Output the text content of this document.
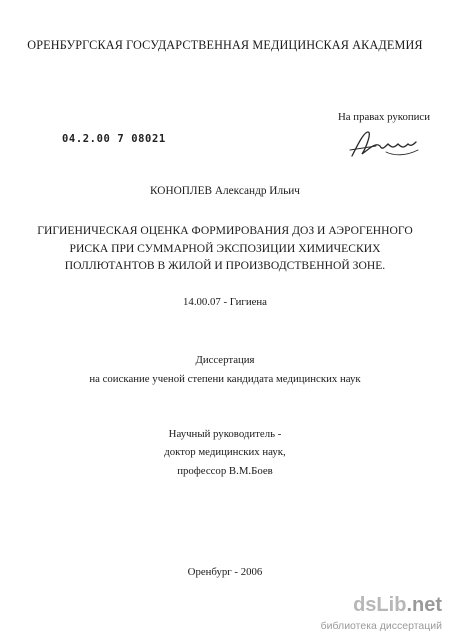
ОРЕНБУРГСКАЯ ГОСУДАРСТВЕННАЯ МЕДИЦИНСКАЯ АКАДЕМИЯ
На правах рукописи
04.2.00 7 08021
КОНОПЛЕВ Александр Ильич
ГИГИЕНИЧЕСКАЯ ОЦЕНКА ФОРМИРОВАНИЯ ДОЗ И АЭРОГЕННОГО
РИСКА ПРИ СУММАРНОЙ ЭКСПОЗИЦИИ ХИМИЧЕСКИХ
ПОЛЛЮТАНТОВ В ЖИЛОЙ И ПРОИЗВОДСТВЕННОЙ ЗОНЕ.
14.00.07 - Гигиена
Диссертация
на соискание ученой степени кандидата медицинских наук
Научный руководитель -
доктор медицинских наук,
профессор В.М.Боев
Оренбург - 2006
dsLib.net
библиотека диссертаций
